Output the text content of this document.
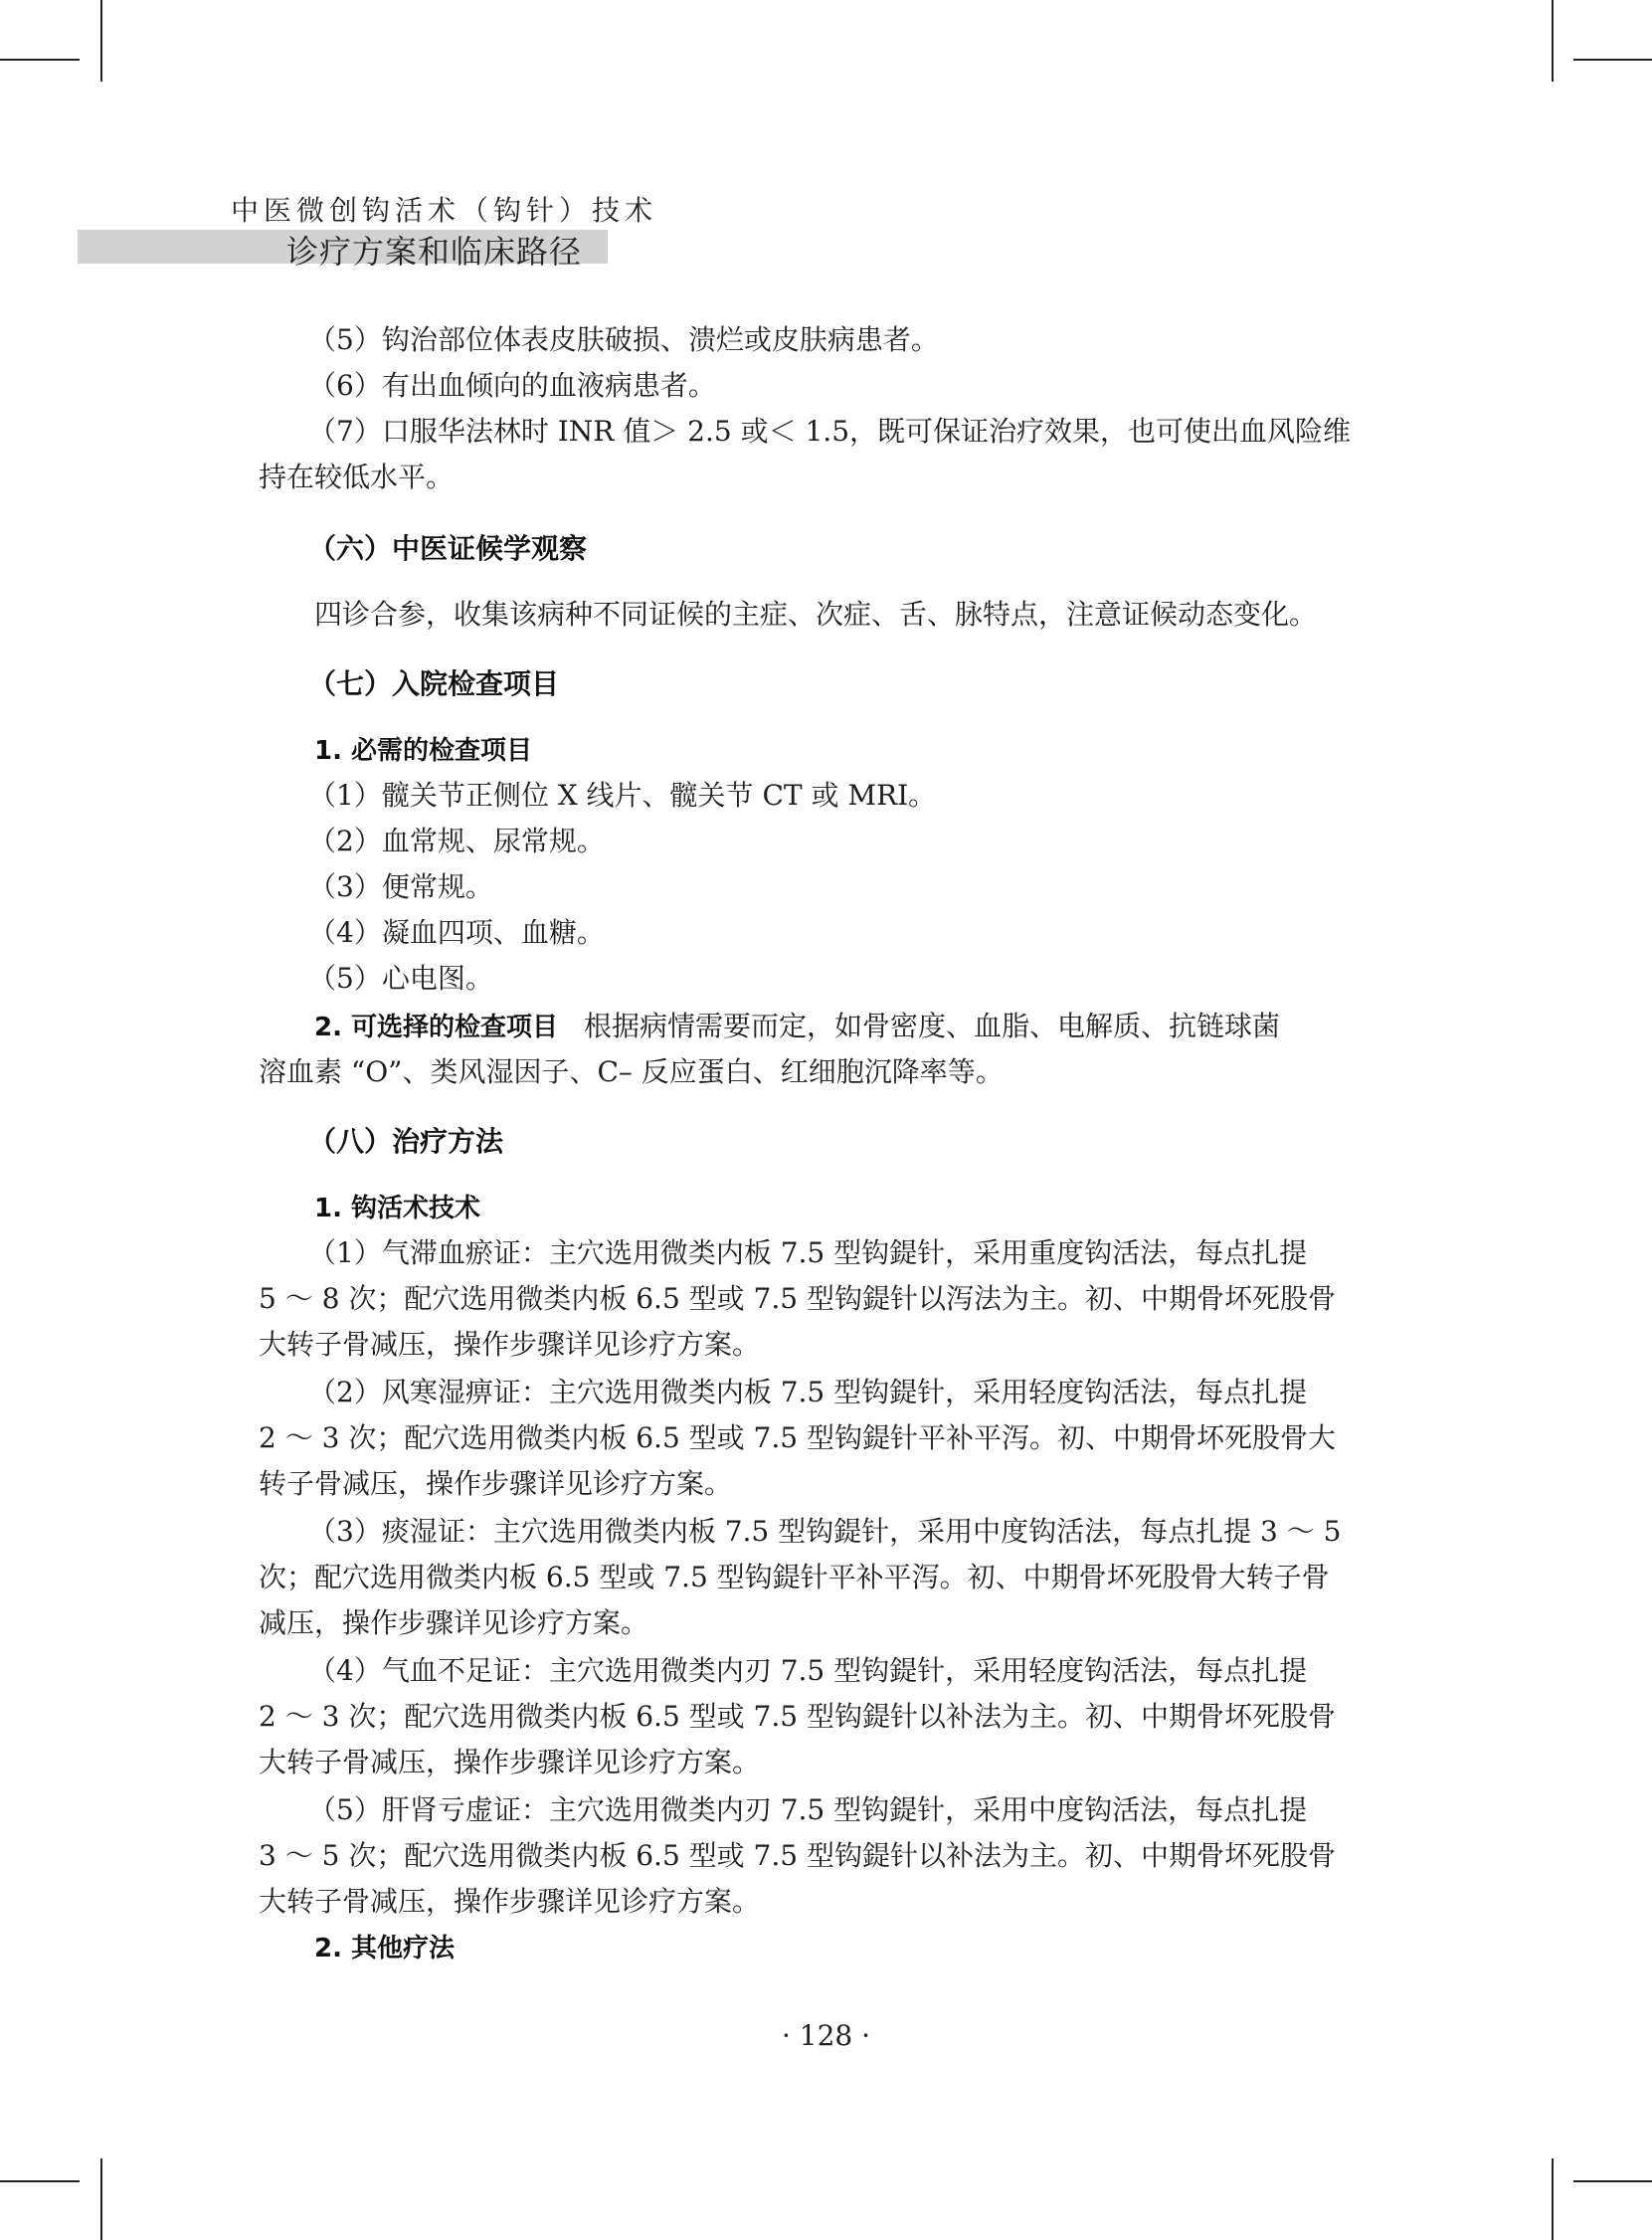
中医微创钩活术（钩针）技术
诊疗方案和临床路径
（5）钩治部位体表皮肤破损、溃烂或皮肤病患者。
（6）有出血倾向的血液病患者。
（7）口服华法林时 INR 值＞ 2.5 或＜ 1.5，既可保证治疗效果，也可使出血风险维
持在较低水平。
（六）中医证候学观察
四诊合参，收集该病种不同证候的主症、次症、舌、脉特点，注意证候动态变化。
（七）入院检查项目
1. 必需的检查项目
（1）髋关节正侧位 X 线片、髋关节 CT 或 MRI。
（2）血常规、尿常规。
（3）便常规。
（4）凝血四项、血糖。
（5）心电图。
2. 可选择的检查项目 根据病情需要而定，如骨密度、血脂、电解质、抗链球菌
溶血素 “O”、类风湿因子、C– 反应蛋白、红细胞沉降率等。
（八）治疗方法
1. 钩活术技术
（1）气滞血瘀证：主穴选用微类内板 7.5 型钩鍉针，采用重度钩活法，每点扎提
5 ～ 8 次；配穴选用微类内板 6.5 型或 7.5 型钩鍉针以泻法为主。初、中期骨坏死股骨
大转子骨减压，操作步骤详见诊疗方案。
（2）风寒湿痹证：主穴选用微类内板 7.5 型钩鍉针，采用轻度钩活法，每点扎提
2 ～ 3 次；配穴选用微类内板 6.5 型或 7.5 型钩鍉针平补平泻。初、中期骨坏死股骨大
转子骨减压，操作步骤详见诊疗方案。
（3）痰湿证：主穴选用微类内板 7.5 型钩鍉针，采用中度钩活法，每点扎提 3 ～ 5
次；配穴选用微类内板 6.5 型或 7.5 型钩鍉针平补平泻。初、中期骨坏死股骨大转子骨
减压，操作步骤详见诊疗方案。
（4）气血不足证：主穴选用微类内刃 7.5 型钩鍉针，采用轻度钩活法，每点扎提
2 ～ 3 次；配穴选用微类内板 6.5 型或 7.5 型钩鍉针以补法为主。初、中期骨坏死股骨
大转子骨减压，操作步骤详见诊疗方案。
（5）肝肾亏虚证：主穴选用微类内刃 7.5 型钩鍉针，采用中度钩活法，每点扎提
3 ～ 5 次；配穴选用微类内板 6.5 型或 7.5 型钩鍉针以补法为主。初、中期骨坏死股骨
大转子骨减压，操作步骤详见诊疗方案。
2. 其他疗法
· 128 ·
